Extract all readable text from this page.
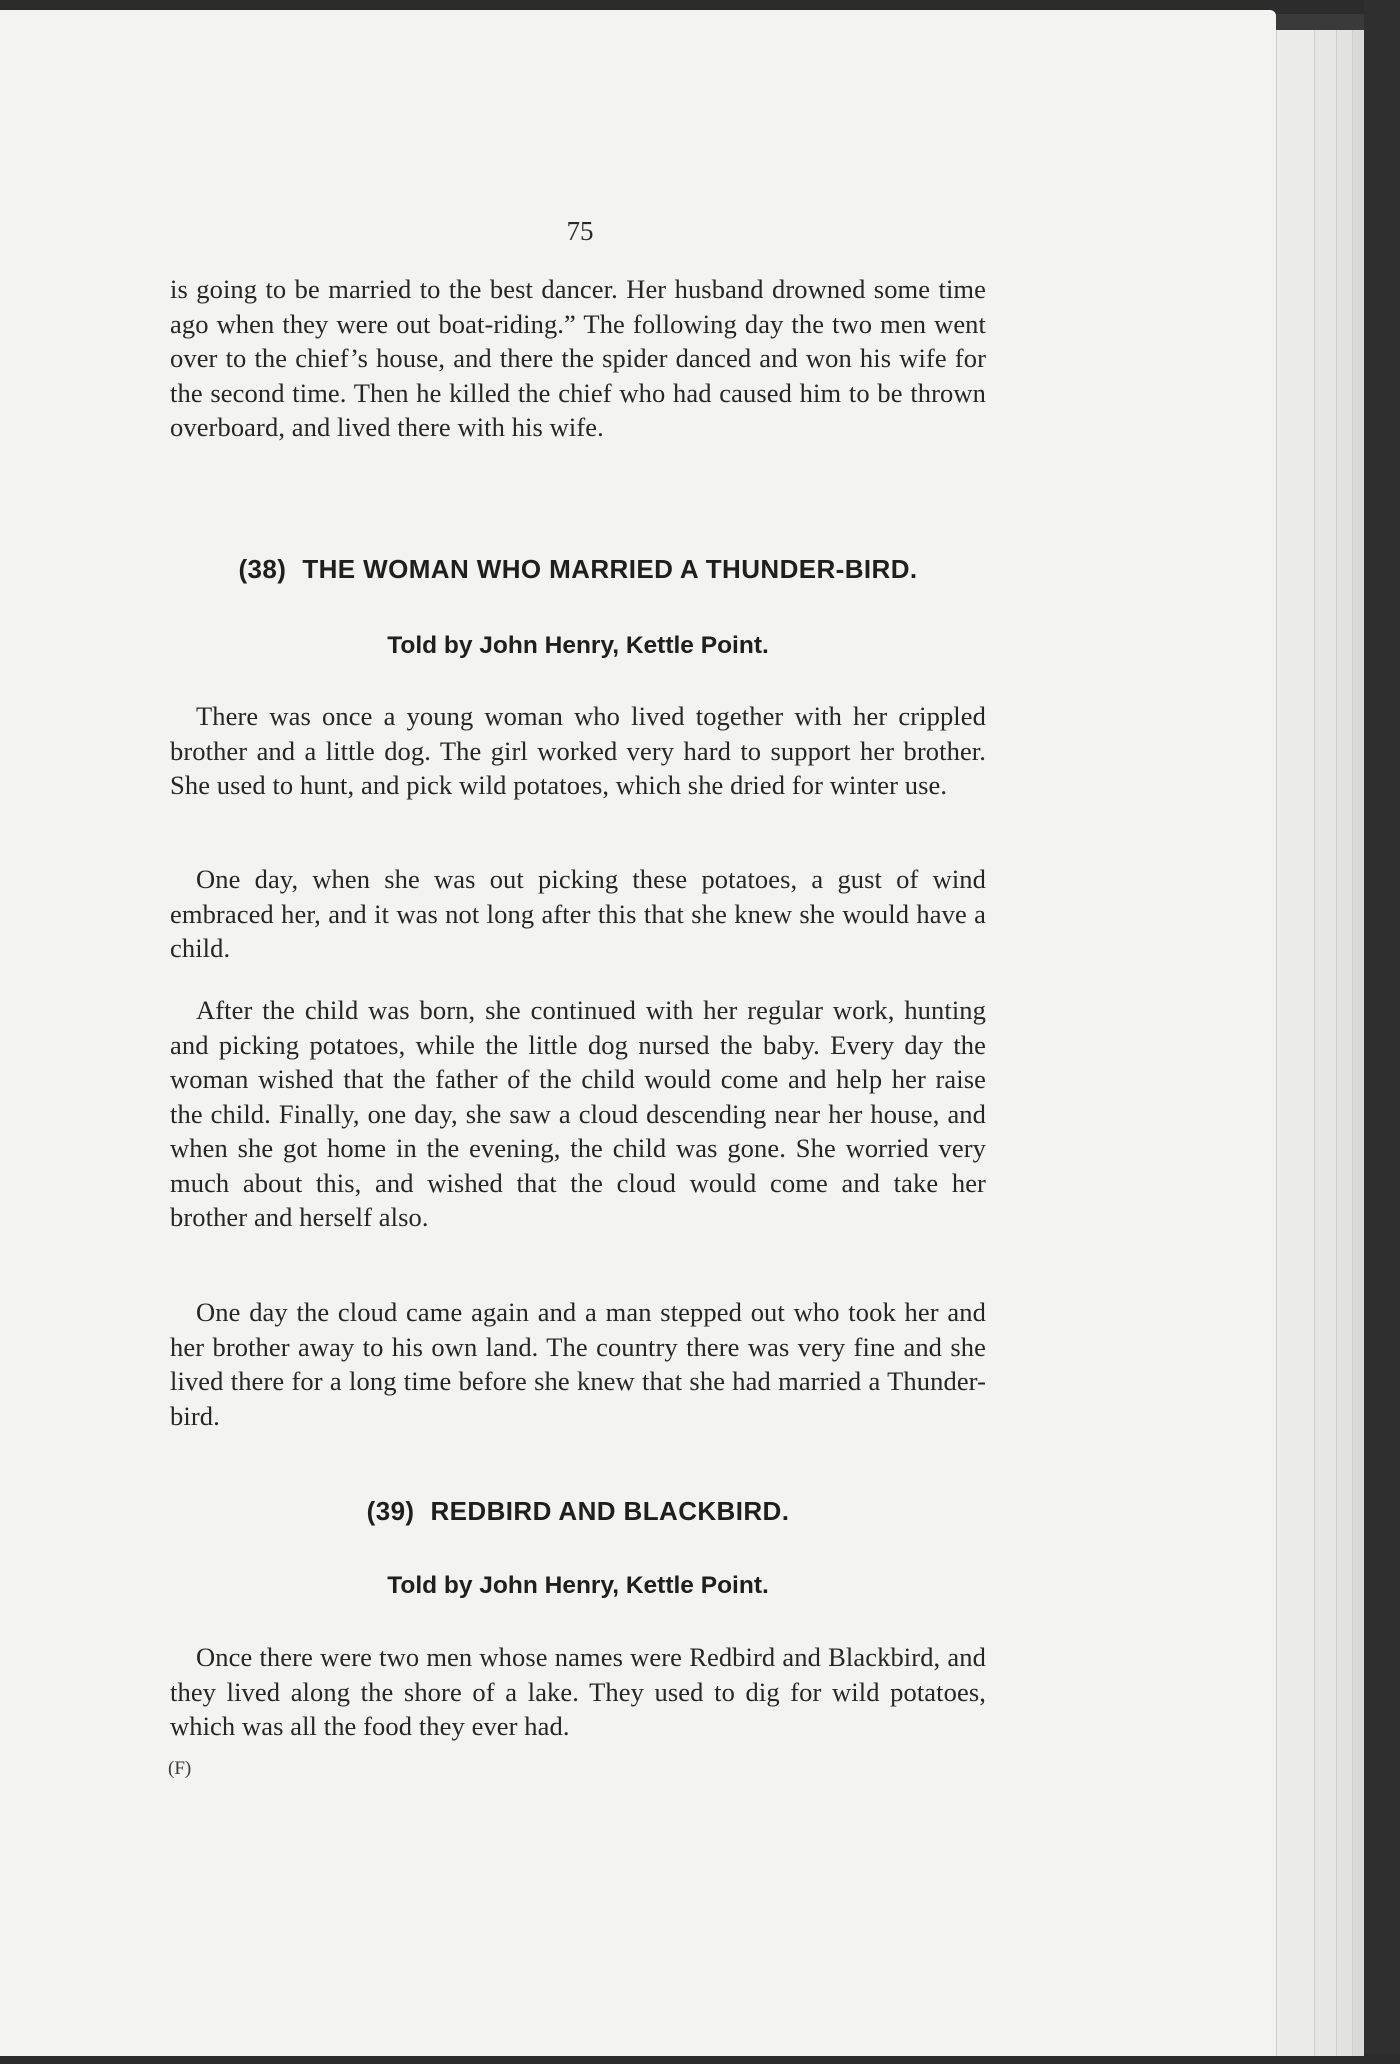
75

is going to be married to the best dancer. Her husband drowned some time ago when they were out boat-riding.” The following day the two men went over to the chief’s house, and there the spider danced and won his wife for the second time. Then he killed the chief who had caused him to be thrown overboard, and lived there with his wife.

(38) THE WOMAN WHO MARRIED A THUNDER-BIRD.
Told by John Henry, Kettle Point.

There was once a young woman who lived together with her crippled brother and a little dog. The girl worked very hard to support her brother. She used to hunt, and pick wild potatoes, which she dried for winter use.

One day, when she was out picking these potatoes, a gust of wind embraced her, and it was not long after this that she knew she would have a child.

After the child was born, she continued with her regular work, hunting and picking potatoes, while the little dog nursed the baby. Every day the woman wished that the father of the child would come and help her raise the child. Finally, one day, she saw a cloud descending near her house, and when she got home in the evening, the child was gone. She worried very much about this, and wished that the cloud would come and take her brother and herself also.

One day the cloud came again and a man stepped out who took her and her brother away to his own land. The country there was very fine and she lived there for a long time before she knew that she had married a Thunder-bird.

(39) REDBIRD AND BLACKBIRD.
Told by John Henry, Kettle Point.

Once there were two men whose names were Redbird and Blackbird, and they lived along the shore of a lake. They used to dig for wild potatoes, which was all the food they ever had.

(F)
